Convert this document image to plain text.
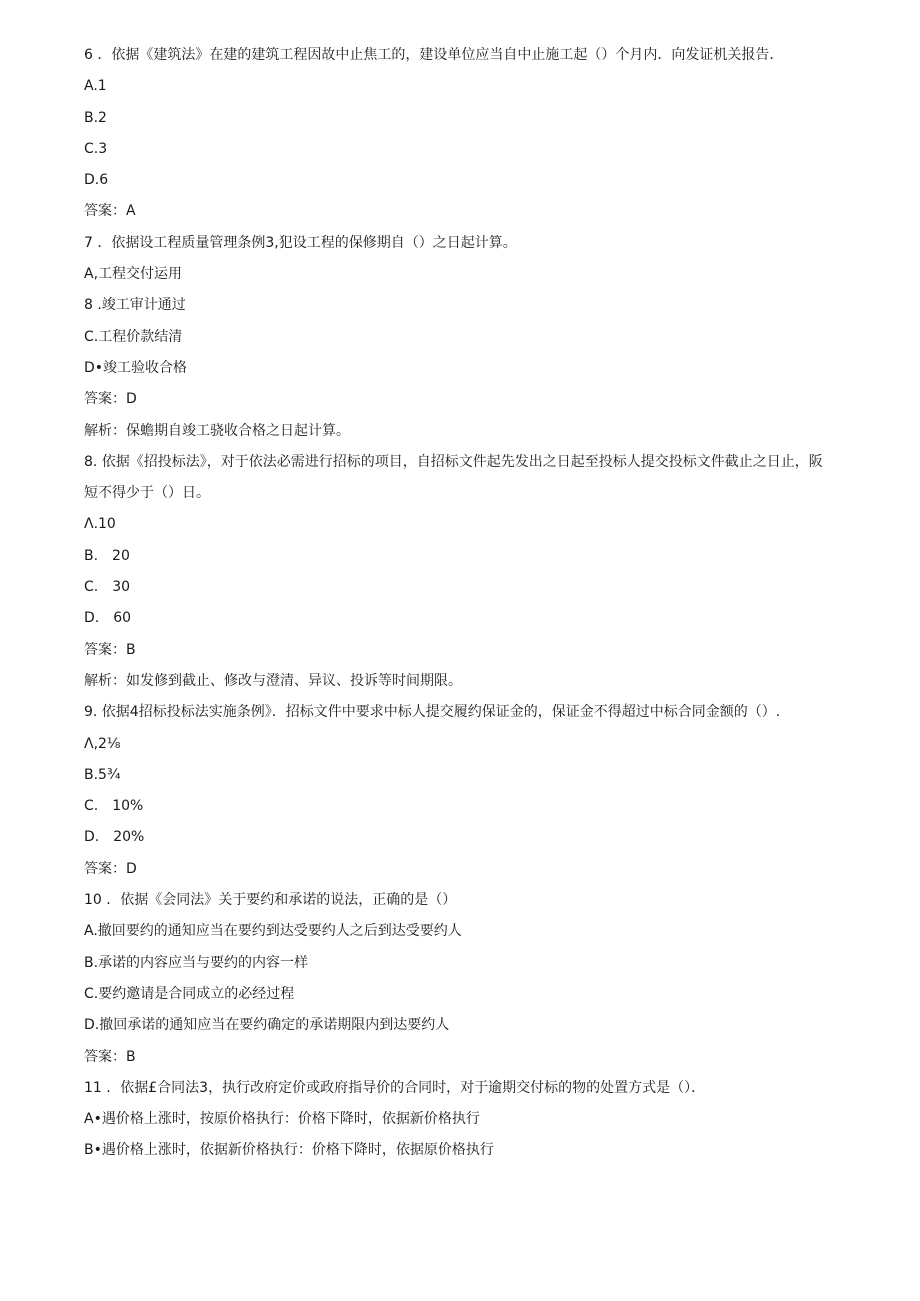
6 ．依据《建筑法》在建的建筑工程因故中止焦工的，建设单位应当自中止施工起（）个月内．向发证机关报告．
A.1
B.2
C.3
D.6
答案：A
7 ．依据设工程质量管理条例3,犯设工程的保修期自（）之日起计算。
A,工程交付运用
8 .竣工审计通过
C.工程价款结清
D•竣工验收合格
答案：D
解析：保蟾期自竣工骁收合格之日起计算。
8. 依据《招投标法》，对于依法必需进行招标的项目，自招标文件起先发出之日起至投标人提交投标文件截止之日止，阪短不得少于（）日。
Λ.10
B.　20
C.　30
D.　60
答案：B
解析：如发修到截止、修改与澄清、异议、投诉等时间期限。
9. 依据4招标投标法实施条例》．招标文件中要求中标人提交履约保证金的，保证金不得超过中标合同金额的（）.
Λ,2⅛
B.5¾
C.　10%
D.　20%
答案：D
10 ．依据《会同法》关于要约和承诺的说法，正确的是（）
A.撤回要约的通知应当在要约到达受要约人之后到达受要约人
B.承诺的内容应当与要约的内容一样
C.要约邀请是合同成立的必经过程
D.撤回承诺的通知应当在要约确定的承诺期限内到达要约人
答案：B
11 ．依据£合同法3，执行改府定价或政府指导价的合同时，对于逾期交付标的物的处置方式是（）．
A•遇价格上涨时，按原价格执行：价格下降时，依据新价格执行
B•遇价格上涨时，依据新价格执行：价格下降时，依据原价格执行
